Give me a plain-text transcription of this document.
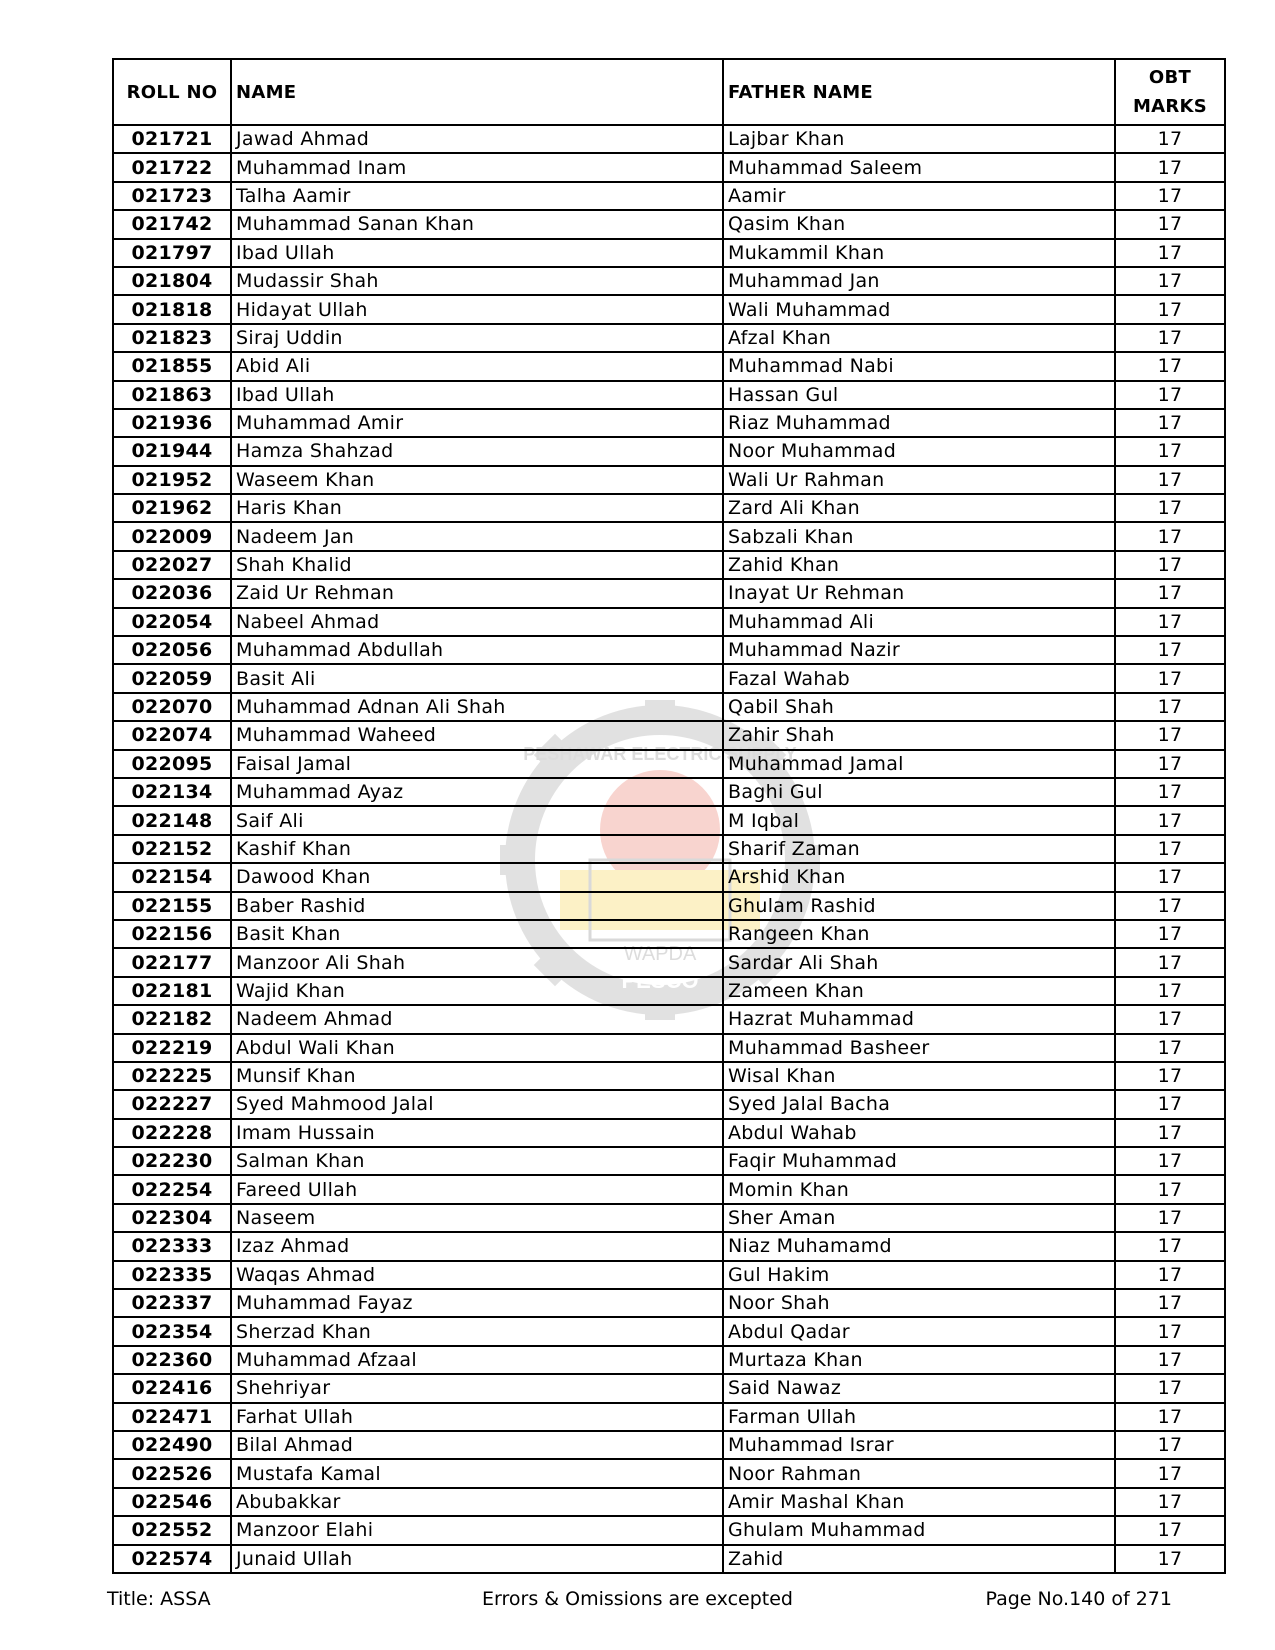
PESHAWAR ELECTRIC SUPPLY
WAPDA
PESCO
ROLL NO	NAME	FATHER NAME	OBT
MARKS
021721	Jawad Ahmad	Lajbar Khan	17
021722	Muhammad Inam	Muhammad Saleem	17
021723	Talha Aamir	Aamir	17
021742	Muhammad Sanan Khan	Qasim Khan	17
021797	Ibad Ullah	Mukammil Khan	17
021804	Mudassir Shah	Muhammad Jan	17
021818	Hidayat Ullah	Wali Muhammad	17
021823	Siraj Uddin	Afzal Khan	17
021855	Abid Ali	Muhammad Nabi	17
021863	Ibad Ullah	Hassan Gul	17
021936	Muhammad Amir	Riaz Muhammad	17
021944	Hamza Shahzad	Noor Muhammad	17
021952	Waseem Khan	Wali Ur Rahman	17
021962	Haris Khan	Zard Ali Khan	17
022009	Nadeem Jan	Sabzali Khan	17
022027	Shah Khalid	Zahid Khan	17
022036	Zaid Ur Rehman	Inayat Ur Rehman	17
022054	Nabeel Ahmad	Muhammad Ali	17
022056	Muhammad Abdullah	Muhammad Nazir	17
022059	Basit Ali	Fazal Wahab	17
022070	Muhammad Adnan Ali Shah	Qabil Shah	17
022074	Muhammad Waheed	Zahir Shah	17
022095	Faisal Jamal	Muhammad Jamal	17
022134	Muhammad Ayaz	Baghi Gul	17
022148	Saif Ali	M Iqbal	17
022152	Kashif Khan	Sharif Zaman	17
022154	Dawood Khan	Arshid Khan	17
022155	Baber Rashid	Ghulam Rashid	17
022156	Basit Khan	Rangeen Khan	17
022177	Manzoor Ali Shah	Sardar Ali Shah	17
022181	Wajid Khan	Zameen Khan	17
022182	Nadeem Ahmad	Hazrat Muhammad	17
022219	Abdul Wali Khan	Muhammad Basheer	17
022225	Munsif Khan	Wisal Khan	17
022227	Syed Mahmood Jalal	Syed Jalal Bacha	17
022228	Imam Hussain	Abdul Wahab	17
022230	Salman Khan	Faqir Muhammad	17
022254	Fareed Ullah	Momin Khan	17
022304	Naseem	Sher Aman	17
022333	Izaz Ahmad	Niaz Muhamamd	17
022335	Waqas Ahmad	Gul Hakim	17
022337	Muhammad Fayaz	Noor Shah	17
022354	Sherzad Khan	Abdul Qadar	17
022360	Muhammad Afzaal	Murtaza Khan	17
022416	Shehriyar	Said Nawaz	17
022471	Farhat Ullah	Farman Ullah	17
022490	Bilal Ahmad	Muhammad Israr	17
022526	Mustafa Kamal	Noor Rahman	17
022546	Abubakkar	Amir Mashal Khan	17
022552	Manzoor Elahi	Ghulam Muhammad	17
022574	Junaid Ullah	Zahid	17
Title: ASSA	Errors & Omissions are excepted	Page No.140 of 271
